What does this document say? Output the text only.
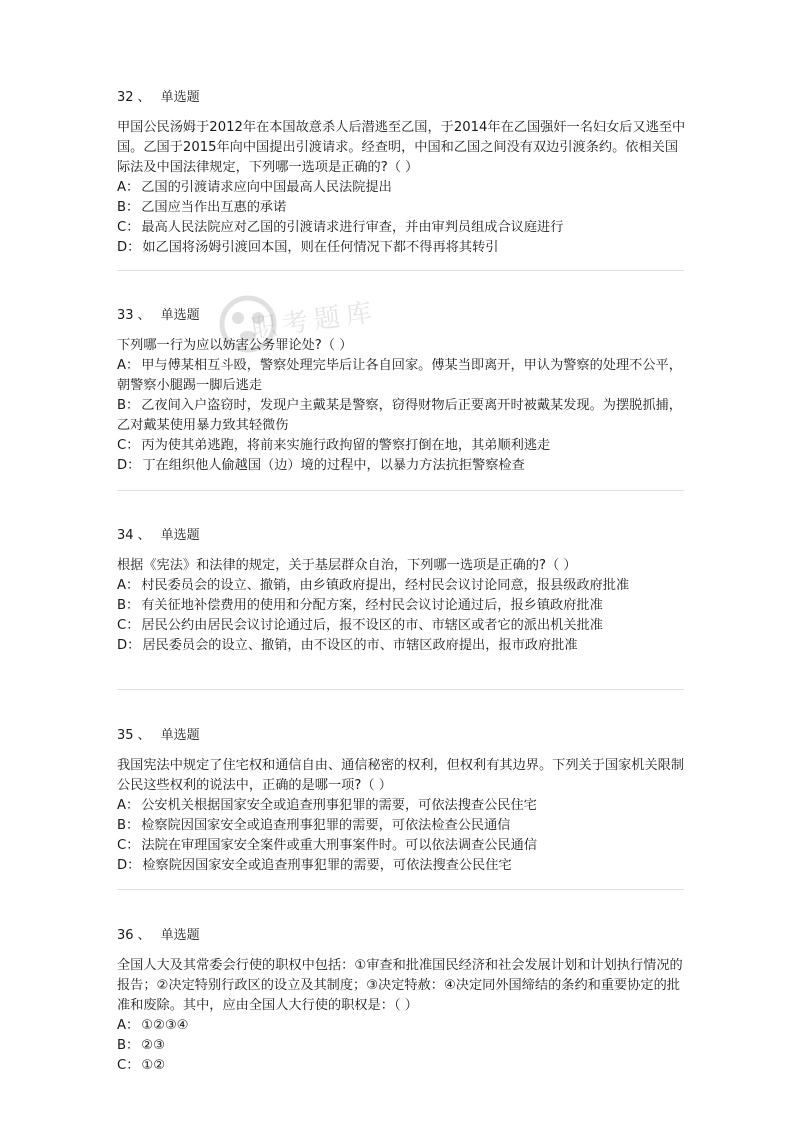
职考题库
32 、 单选题
甲国公民汤姆于2012年在本国故意杀人后潜逃至乙国，于2014年在乙国强奸一名妇女后又逃至中国。乙国于2015年向中国提出引渡请求。经查明，中国和乙国之间没有双边引渡条约。依相关国际法及中国法律规定，下列哪一选项是正确的?（ ）
A： 乙国的引渡请求应向中国最高人民法院提出
B： 乙国应当作出互惠的承诺
C： 最高人民法院应对乙国的引渡请求进行审查，并由审判员组成合议庭进行
D： 如乙国将汤姆引渡回本国，则在任何情况下都不得再将其转引
33 、 单选题
下列哪一行为应以妨害公务罪论处?（ ）
A： 甲与傅某相互斗殴，警察处理完毕后让各自回家。傅某当即离开，甲认为警察的处理不公平，朝警察小腿踢一脚后逃走
B： 乙夜间入户盗窃时，发现户主戴某是警察，窃得财物后正要离开时被戴某发现。为摆脱抓捕，乙对戴某使用暴力致其轻微伤
C： 丙为使其弟逃跑，将前来实施行政拘留的警察打倒在地，其弟顺利逃走
D： 丁在组织他人偷越国（边）境的过程中，以暴力方法抗拒警察检查
34 、 单选题
根据《宪法》和法律的规定，关于基层群众自治，下列哪一选项是正确的?（ ）
A： 村民委员会的设立、撤销，由乡镇政府提出，经村民会议讨论同意，报县级政府批准
B： 有关征地补偿费用的使用和分配方案，经村民会议讨论通过后，报乡镇政府批准
C： 居民公约由居民会议讨论通过后，报不设区的市、市辖区或者它的派出机关批准
D： 居民委员会的设立、撤销，由不设区的市、市辖区政府提出，报市政府批准
35 、 单选题
我国宪法中规定了住宅权和通信自由、通信秘密的权利，但权利有其边界。下列关于国家机关限制公民这些权利的说法中，正确的是哪一项?（ ）
A： 公安机关根据国家安全或追查刑事犯罪的需要，可依法搜查公民住宅
B： 检察院因国家安全或追查刑事犯罪的需要，可依法检查公民通信
C： 法院在审理国家安全案件或重大刑事案件时。可以依法调查公民通信
D： 检察院因国家安全或追查刑事犯罪的需要，可依法搜查公民住宅
36 、 单选题
全国人大及其常委会行使的职权中包括：①审查和批准国民经济和社会发展计划和计划执行情况的报告；②决定特别行政区的设立及其制度；③决定特赦：④决定同外国缔结的条约和重要协定的批准和废除。其中，应由全国人大行使的职权是：（ ）
A： ①②③④
B： ②③
C： ①②
